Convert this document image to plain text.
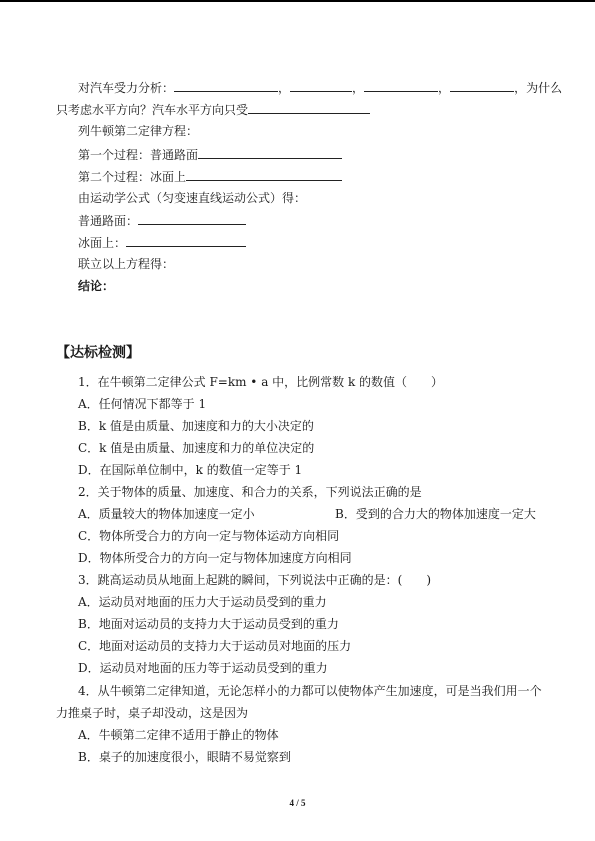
对汽车受力分析：	，	，	，	，为什么
只考虑水平方向？汽车水平方向只受
列牛顿第二定律方程：
第一个过程：普通路面
第二个过程：冰面上
由运动学公式（匀变速直线运动公式）得：
普通路面：
冰面上：
联立以上方程得：
结论：
【达标检测】
1．在牛顿第二定律公式 F=km • a 中，比例常数 k 的数值（　　）
A．任何情况下都等于 1
B．k 值是由质量、加速度和力的大小决定的
C．k 值是由质量、加速度和力的单位决定的
D．在国际单位制中，k 的数值一定等于 1
2．关于物体的质量、加速度、和合力的关系，下列说法正确的是
A．质量较大的物体加速度一定小	B．受到的合力大的物体加速度一定大
C．物体所受合力的方向一定与物体运动方向相同
D．物体所受合力的方向一定与物体加速度方向相同
3．跳高运动员从地面上起跳的瞬间，下列说法中正确的是：(　　)
A．运动员对地面的压力大于运动员受到的重力
B．地面对运动员的支持力大于运动员受到的重力
C．地面对运动员的支持力大于运动员对地面的压力
D．运动员对地面的压力等于运动员受到的重力
4．从牛顿第二定律知道，无论怎样小的力都可以使物体产生加速度，可是当我们用一个
力推桌子时，桌子却没动，这是因为
A．牛顿第二定律不适用于静止的物体
B．桌子的加速度很小，眼睛不易觉察到
4 / 5
